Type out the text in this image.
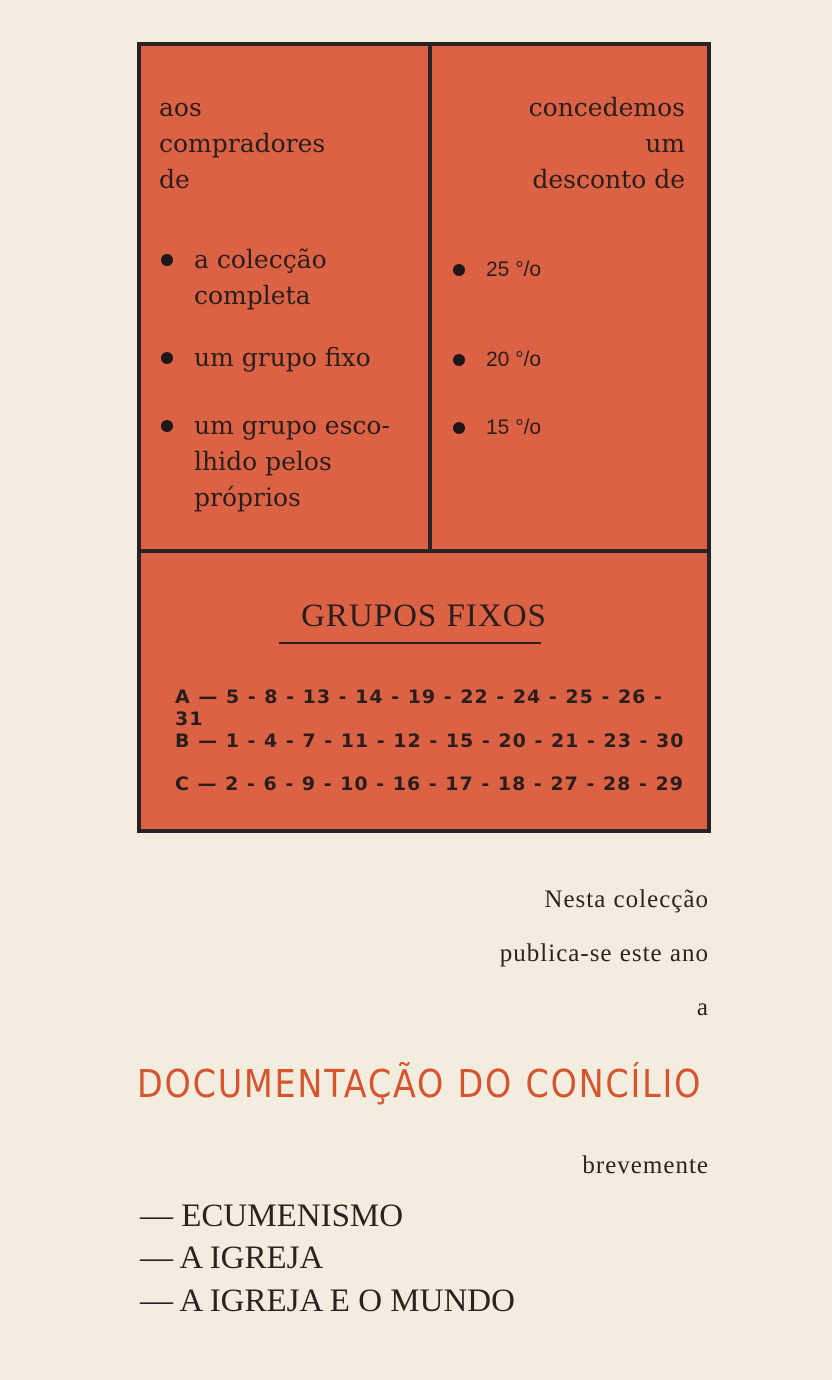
aos
compradores
de
concedemos
um
desconto de
a colecção
completa
um grupo fixo
um grupo esco-
lhido pelos
próprios
25 °/o
20 °/o
15 °/o
GRUPOS FIXOS
A — 5 - 8 - 13 - 14 - 19 - 22 - 24 - 25 - 26 - 31
B — 1 - 4 - 7 - 11 - 12 - 15 - 20 - 21 - 23 - 30
C — 2 - 6 - 9 - 10 - 16 - 17 - 18 - 27 - 28 - 29
Nesta colecção
publica-se este ano
a
DOCUMENTAÇÃO DO CONCÍLIO
brevemente
— ECUMENISMO
— A IGREJA
— A IGREJA E O MUNDO
